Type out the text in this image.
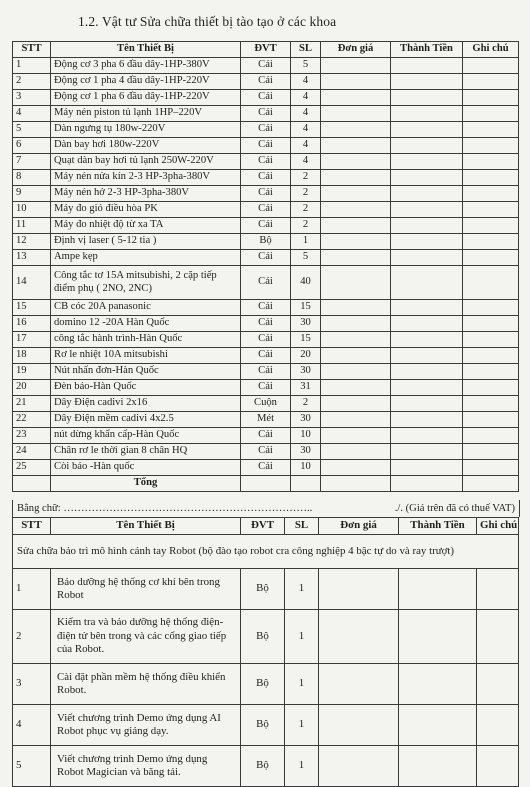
1.2. Vật tư Sửa chữa thiết bị tào tạo ở các khoa
STT	Tên Thiết Bị	ĐVT	SL	Đơn giá	Thành Tiền	Ghi chú
1	Động cơ 3 pha 6 đầu dây-1HP-380V	Cái	5			
2	Động cơ 1 pha 4 đầu dây-1HP-220V	Cái	4			
3	Động cơ 1 pha 6 đầu dây-1HP-220V	Cái	4			
4	Máy nén piston tủ lạnh 1HP–220V	Cái	4			
5	Dàn ngưng tụ 180w-220V	Cái	4			
6	Dàn bay hơi 180w-220V	Cái	4			
7	Quạt dàn bay hơi tủ lạnh 250W-220V	Cái	4			
8	Máy nén nửa kín 2-3 HP-3pha-380V	Cái	2			
9	Máy nén hở 2-3 HP-3pha-380V	Cái	2			
10	Máy đo gió điều hòa PK	Cái	2			
11	Máy đo nhiệt độ từ xa TA	Cái	2			
12	Định vị laser ( 5-12 tia )	Bộ	1			
13	Ampe kẹp	Cái	5			
14	Công tắc tơ 15A mitsubishi, 2 cặp tiếp điểm phụ ( 2NO, 2NC)	Cái	40			
15	CB cóc 20A panasonic	Cái	15			
16	domino 12 -20A Hàn Quốc	Cái	30			
17	công tắc hành trình-Hàn Quốc	Cái	15			
18	Rơ le nhiệt 10A mitsubishi	Cái	20			
19	Nút nhấn đơn-Hàn Quốc	Cái	30			
20	Đèn báo-Hàn Quốc	Cái	31			
21	Dây Điện cadivi 2x16	Cuộn	2			
22	Dây Điện mềm cadivi 4x2.5	Mét	30			
23	nút dừng khẩn cấp-Hàn Quốc	Cái	10			
24	Chân rơ le thời gian 8 chân HQ	Cái	30			
25	Còi báo -Hàn quốc	Cái	10			
	Tổng					
Bằng chữ: ……………………………………………………………..	./. (Giá trên đã có thuế VAT)
STT	Tên Thiết Bị	ĐVT	SL	Đơn giá	Thành Tiền	Ghi chú
Sửa chữa bảo trì mô hình cánh tay Robot (bộ đào tạo robot cra công nghiệp 4 bậc tự do và ray trượt)						
1	Bảo dưỡng hệ thống cơ khí bên trong Robot	Bộ	1			
2	Kiểm tra và bảo dưỡng hệ thống điện-điện tử bên trong và các cổng giao tiếp của Robot.	Bộ	1			
3	Cài đặt phần mềm hệ thống điều khiển Robot.	Bộ	1			
4	Viết chương trình Demo ứng dụng AI Robot phục vụ giảng dạy.	Bộ	1			
5	Viết chương trình Demo ứng dụng Robot Magician và băng tải.	Bộ	1			
